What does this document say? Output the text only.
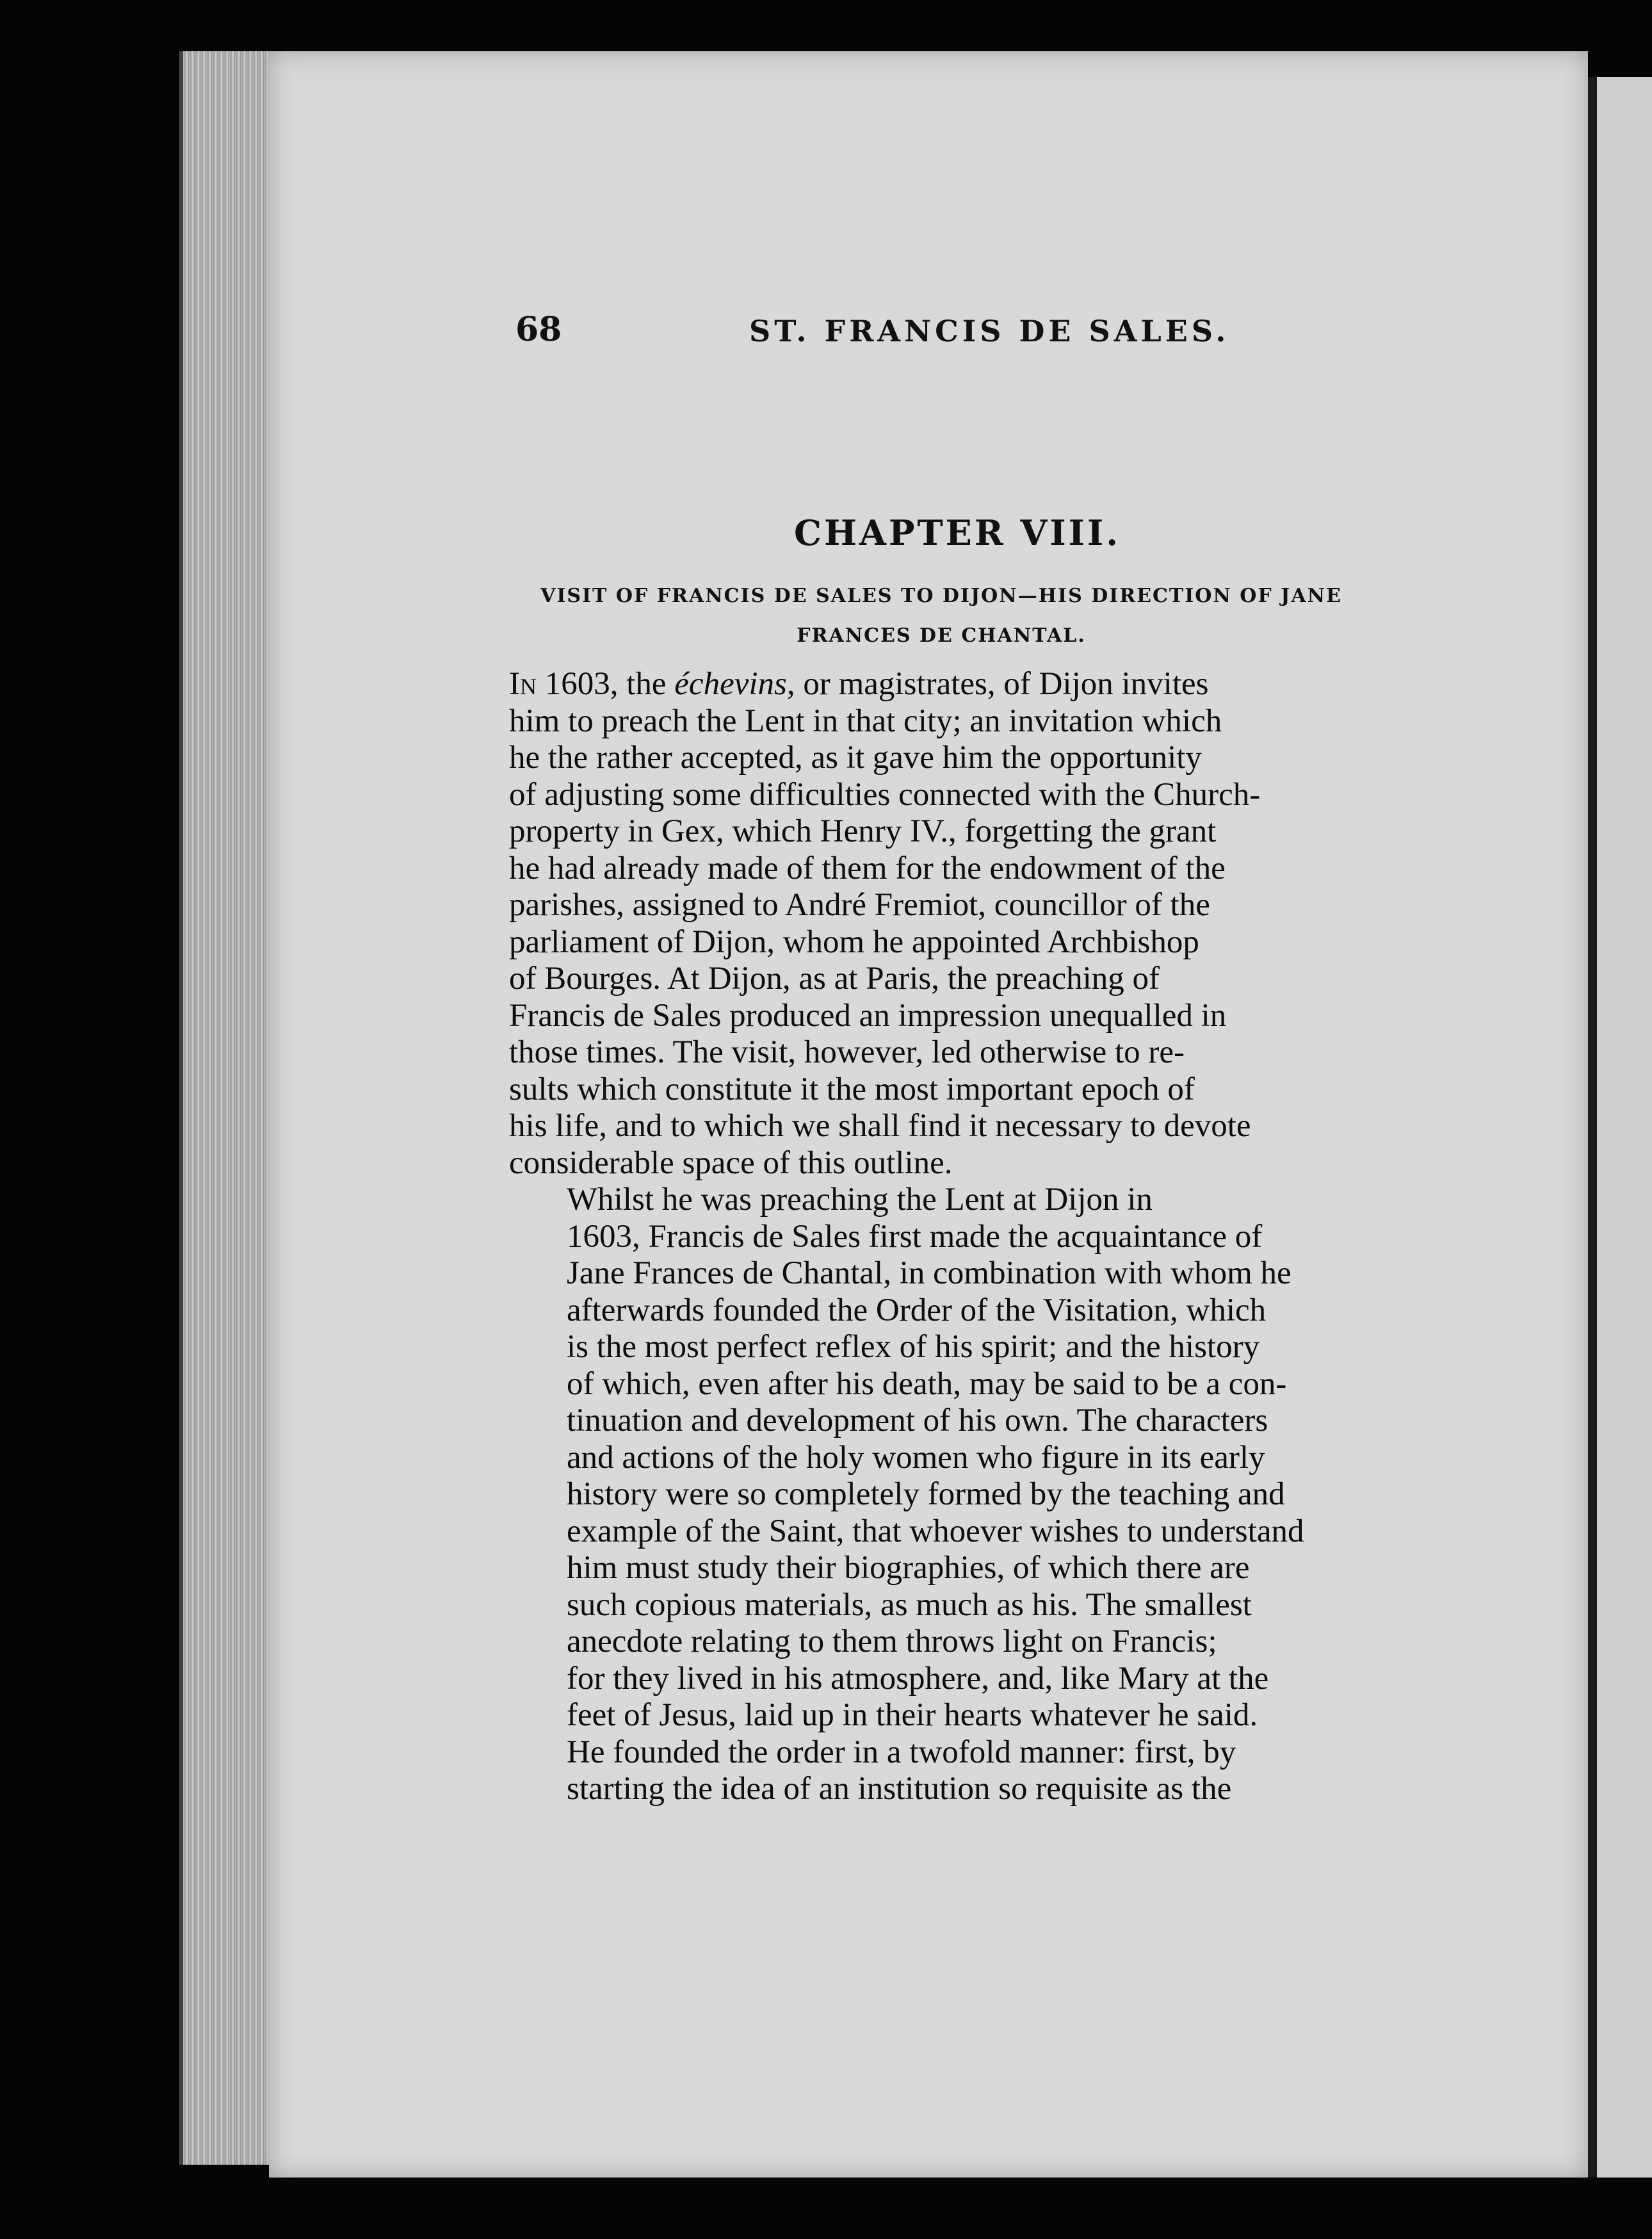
68	ST. FRANCIS DE SALES.
CHAPTER VIII.
VISIT OF FRANCIS DE SALES TO DIJON—HIS DIRECTION OF JANE
FRANCES DE CHANTAL.

In 1603, the échevins, or magistrates, of Dijon invites
him to preach the Lent in that city; an invitation which
he the rather accepted, as it gave him the opportunity
of adjusting some difficulties connected with the Church-
property in Gex, which Henry IV., forgetting the grant
he had already made of them for the endowment of the
parishes, assigned to André Fremiot, councillor of the
parliament of Dijon, whom he appointed Archbishop
of Bourges. At Dijon, as at Paris, the preaching of
Francis de Sales produced an impression unequalled in
those times. The visit, however, led otherwise to re-
sults which constitute it the most important epoch of
his life, and to which we shall find it necessary to devote
considerable space of this outline.

Whilst he was preaching the Lent at Dijon in
1603, Francis de Sales first made the acquaintance of
Jane Frances de Chantal, in combination with whom he
afterwards founded the Order of the Visitation, which
is the most perfect reflex of his spirit; and the history
of which, even after his death, may be said to be a con-
tinuation and development of his own. The characters
and actions of the holy women who figure in its early
history were so completely formed by the teaching and
example of the Saint, that whoever wishes to understand
him must study their biographies, of which there are
such copious materials, as much as his. The smallest
anecdote relating to them throws light on Francis;
for they lived in his atmosphere, and, like Mary at the
feet of Jesus, laid up in their hearts whatever he said.
He founded the order in a twofold manner: first, by
starting the idea of an institution so requisite as the
